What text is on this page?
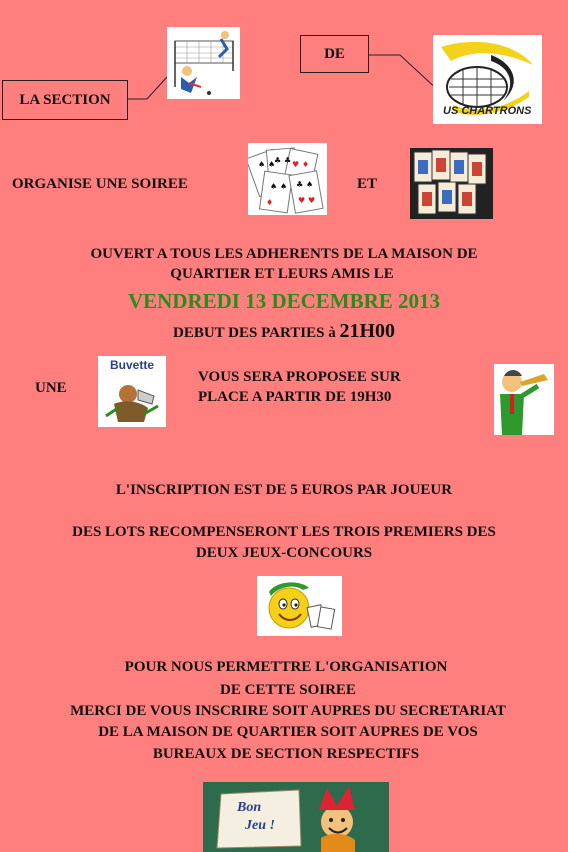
LA SECTION
DE
US CHARTRONS
ORGANISE UNE SOIREE
♠ ♠
♣ ♣
♠ ♠ ♣ ♠
♥ ♦
♥ ♥
♦
ET
OUVERT A TOUS LES ADHERENTS DE LA MAISON DE
QUARTIER ET LEURS AMIS LE
VENDREDI 13 DECEMBRE 2013
DEBUT DES PARTIES à 21H00
UNE
Buvette
VOUS SERA PROPOSEE SUR
PLACE A PARTIR DE 19H30
L'INSCRIPTION EST DE 5 EUROS PAR JOUEUR
DES LOTS RECOMPENSERONT LES TROIS PREMIERS DES
DEUX JEUX-CONCOURS
POUR NOUS PERMETTRE L'ORGANISATION
DE CETTE SOIREE
MERCI DE VOUS INSCRIRE SOIT AUPRES DU SECRETARIAT
DE LA MAISON DE QUARTIER SOIT AUPRES DE VOS
BUREAUX DE SECTION RESPECTIFS
Bon
Jeu !
